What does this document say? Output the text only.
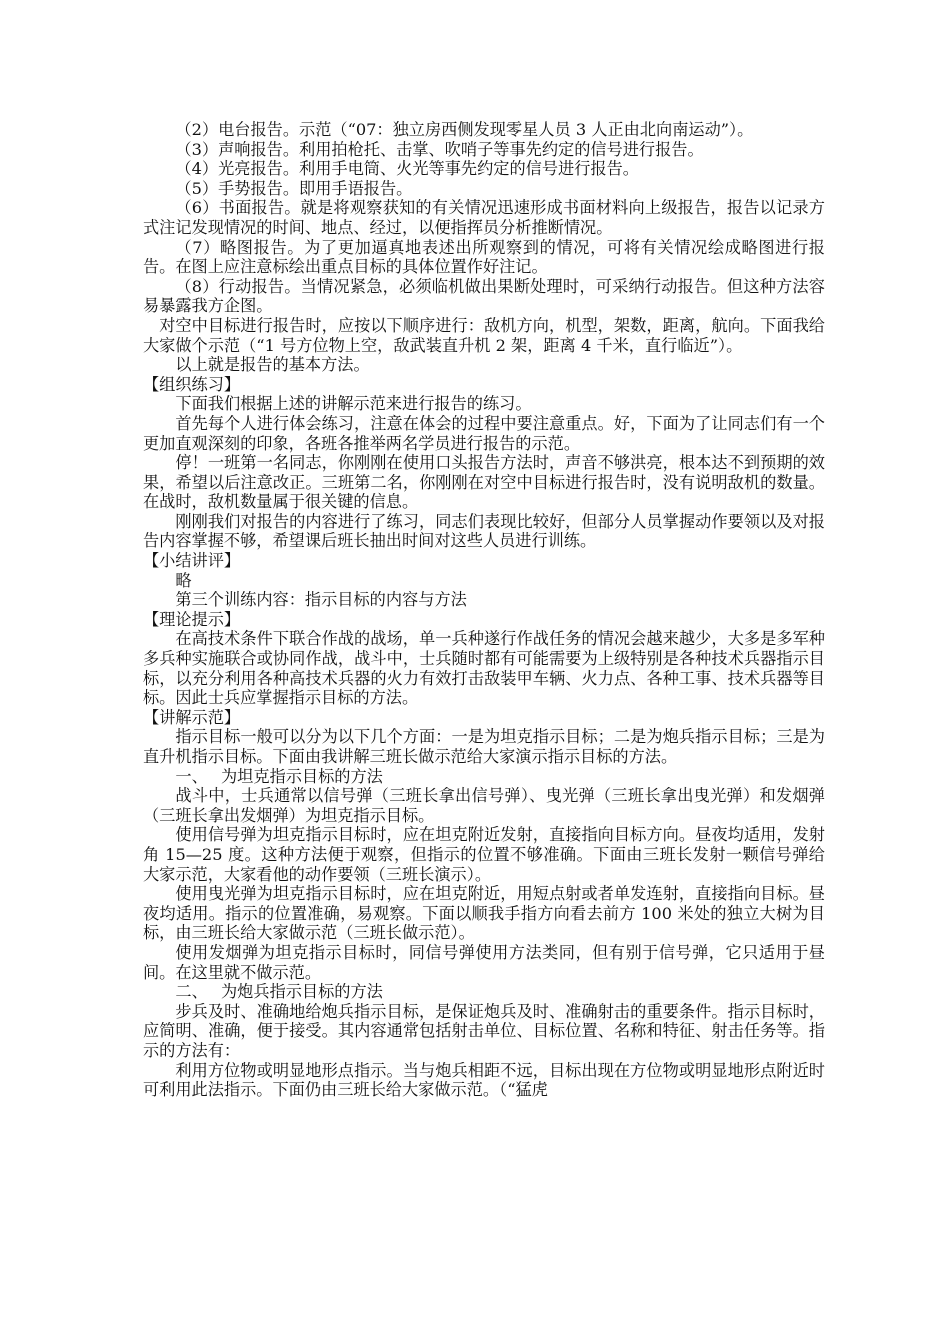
（2）电台报告。示范（“07：独立房西侧发现零星人员 3 人正由北向南运动”）。

（3）声响报告。利用拍枪托、击掌、吹哨子等事先约定的信号进行报告。

（4）光亮报告。利用手电筒、火光等事先约定的信号进行报告。

（5）手势报告。即用手语报告。

（6）书面报告。就是将观察获知的有关情况迅速形成书面材料向上级报告，报告以记录方式注记发现情况的时间、地点、经过，以便指挥员分析推断情况。

（7）略图报告。为了更加逼真地表述出所观察到的情况，可将有关情况绘成略图进行报告。在图上应注意标绘出重点目标的具体位置作好注记。

（8）行动报告。当情况紧急，必须临机做出果断处理时，可采纳行动报告。但这种方法容易暴露我方企图。

对空中目标进行报告时，应按以下顺序进行：敌机方向，机型，架数，距离，航向。下面我给大家做个示范（“1 号方位物上空，敌武装直升机 2 架，距离 4 千米，直行临近”）。

以上就是报告的基本方法。

【组织练习】

下面我们根据上述的讲解示范来进行报告的练习。

首先每个人进行体会练习，注意在体会的过程中要注意重点。好，下面为了让同志们有一个更加直观深刻的印象，各班各推举两名学员进行报告的示范。

停！一班第一名同志，你刚刚在使用口头报告方法时，声音不够洪亮，根本达不到预期的效果，希望以后注意改正。三班第二名，你刚刚在对空中目标进行报告时，没有说明敌机的数量。在战时，敌机数量属于很关键的信息。

刚刚我们对报告的内容进行了练习，同志们表现比较好，但部分人员掌握动作要领以及对报告内容掌握不够，希望课后班长抽出时间对这些人员进行训练。

【小结讲评】

略

第三个训练内容：指示目标的内容与方法

【理论提示】

在高技术条件下联合作战的战场，单一兵种遂行作战任务的情况会越来越少，大多是多军种多兵种实施联合或协同作战，战斗中，士兵随时都有可能需要为上级特别是各种技术兵器指示目标，以充分利用各种高技术兵器的火力有效打击敌装甲车辆、火力点、各种工事、技术兵器等目标。因此士兵应掌握指示目标的方法。

【讲解示范】

指示目标一般可以分为以下几个方面：一是为坦克指示目标；二是为炮兵指示目标；三是为直升机指示目标。下面由我讲解三班长做示范给大家演示指示目标的方法。

一、　 为坦克指示目标的方法

战斗中，士兵通常以信号弹（三班长拿出信号弹）、曳光弹（三班长拿出曳光弹）和发烟弹（三班长拿出发烟弹）为坦克指示目标。

使用信号弹为坦克指示目标时，应在坦克附近发射，直接指向目标方向。昼夜均适用，发射角 15—25 度。这种方法便于观察，但指示的位置不够准确。下面由三班长发射一颗信号弹给大家示范，大家看他的动作要领（三班长演示）。

使用曳光弹为坦克指示目标时，应在坦克附近，用短点射或者单发连射，直接指向目标。昼夜均适用。指示的位置准确，易观察。下面以顺我手指方向看去前方 100 米处的独立大树为目标，由三班长给大家做示范（三班长做示范）。

使用发烟弹为坦克指示目标时，同信号弹使用方法类同，但有别于信号弹，它只适用于昼间。在这里就不做示范。

二、　 为炮兵指示目标的方法

步兵及时、准确地给炮兵指示目标，是保证炮兵及时、准确射击的重要条件。指示目标时，应简明、准确，便于接受。其内容通常包括射击单位、目标位置、名称和特征、射击任务等。指示的方法有：

利用方位物或明显地形点指示。当与炮兵相距不远，目标出现在方位物或明显地形点附近时可利用此法指示。下面仍由三班长给大家做示范。（“猛虎
